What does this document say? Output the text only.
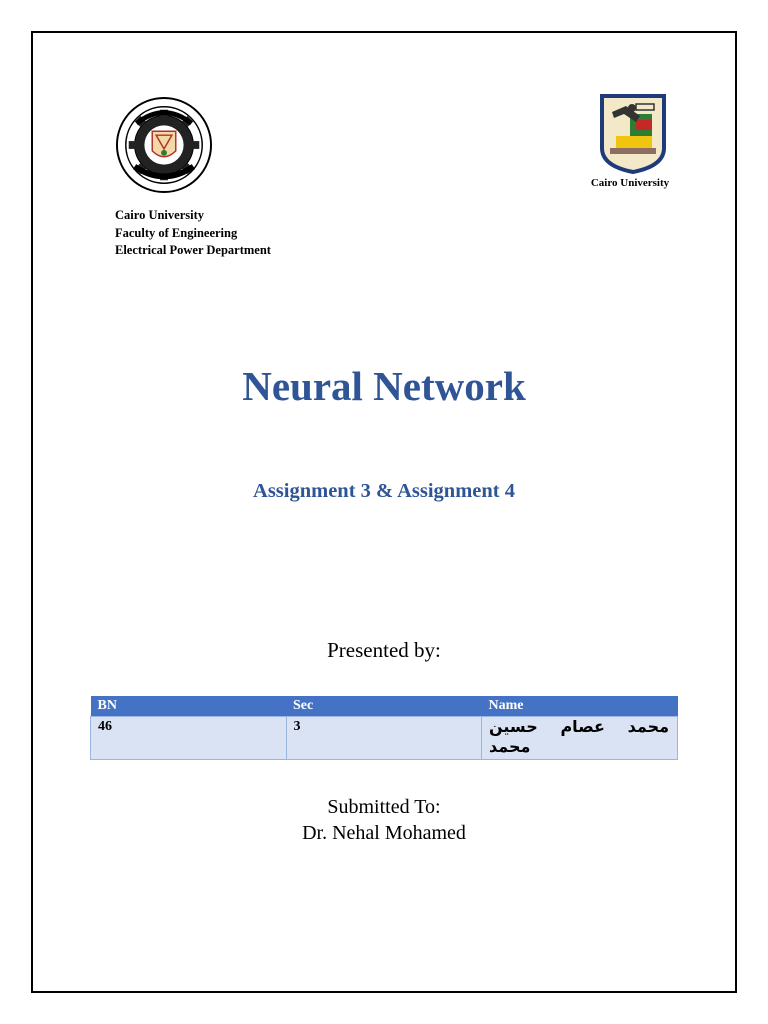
Cairo University
Cairo University
Faculty of Engineering
Electrical Power Department
Neural Network
Assignment 3 & Assignment 4
Presented by:
BN	Sec	Name
46	3	محمد عصام حسين
محمد
Submitted To:
Dr. Nehal Mohamed
